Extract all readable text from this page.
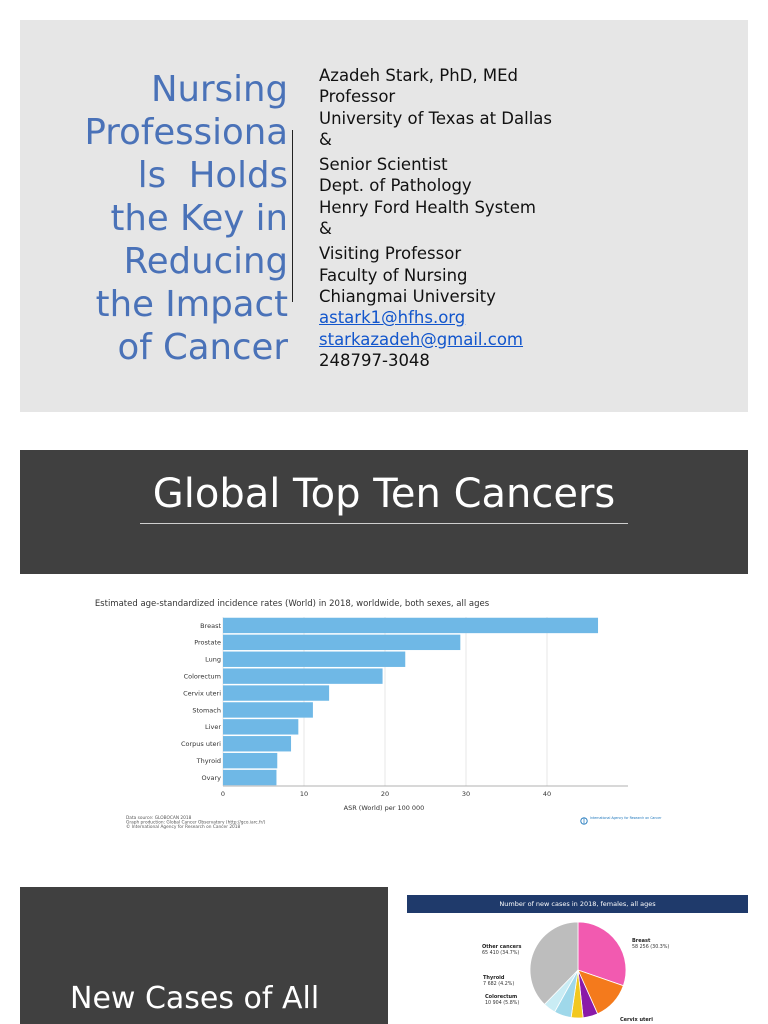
Nursing
Professiona
ls  Holds
the Key in
Reducing
the Impact
of Cancer
Azadeh Stark, PhD, MEd
Professor
University of Texas at Dallas
&
Senior Scientist
Dept. of Pathology
Henry Ford Health System
&
Visiting Professor
Faculty of Nursing
Chiangmai University
astark1@hfhs.org
starkazadeh@gmail.com
248797-3048
Global Top Ten Cancers
Estimated age-standardized incidence rates (World) in 2018, worldwide, both sexes, all ages
0	10	20	30	40
Breast
Prostate
Lung
Colorectum
Cervix uteri
Stomach
Liver
Corpus uteri
Thyroid
Ovary
ASR (World) per 100 000
Data source: GLOBOCAN 2018
Graph production: Global Cancer Observatory (http://gco.iarc.fr/)
© International Agency for Research on Cancer 2018
International Agency for Research on Cancer
New Cases of All
Number of new cases in 2018, females, all ages
Breast
58 256 (30.3%)
Cervix uteri
Colorectum
10 904 (5.8%)
Thyroid
7 682 (4.2%)
Other cancers
65 410 (34.7%)
